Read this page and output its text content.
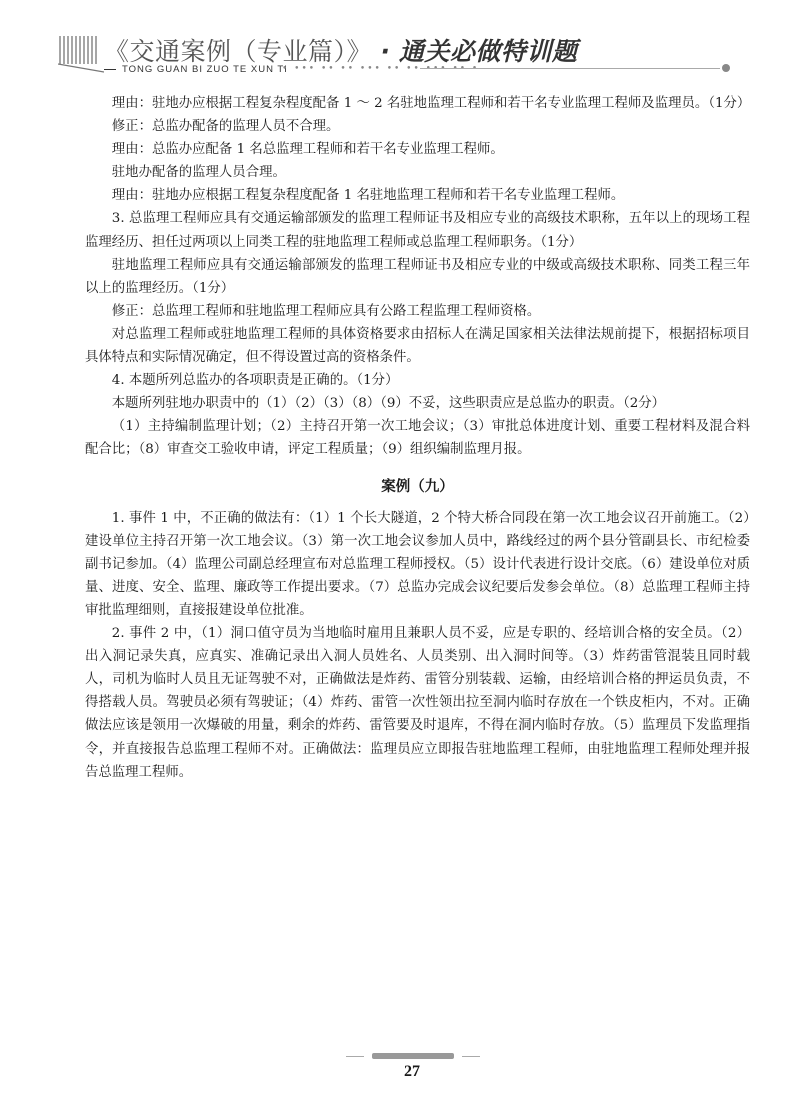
《交通案例（专业篇）》 · 通关必做特训题
TONG GUAN BI ZUO TE XUN TI
• ••• •• •• ••• •• •• ••• •• •

理由：驻地办应根据工程复杂程度配备 1 ～ 2 名驻地监理工程师和若干名专业监理工程师及监理员。（1分）

修正：总监办配备的监理人员不合理。

理由：总监办应配备 1 名总监理工程师和若干名专业监理工程师。

驻地办配备的监理人员合理。

理由：驻地办应根据工程复杂程度配备 1 名驻地监理工程师和若干名专业监理工程师。

3. 总监理工程师应具有交通运输部颁发的监理工程师证书及相应专业的高级技术职称，五年以上的现场工程监理经历、担任过两项以上同类工程的驻地监理工程师或总监理工程师职务。（1分）

驻地监理工程师应具有交通运输部颁发的监理工程师证书及相应专业的中级或高级技术职称、同类工程三年以上的监理经历。（1分）

修正：总监理工程师和驻地监理工程师应具有公路工程监理工程师资格。

对总监理工程师或驻地监理工程师的具体资格要求由招标人在满足国家相关法律法规前提下，根据招标项目具体特点和实际情况确定，但不得设置过高的资格条件。

4. 本题所列总监办的各项职责是正确的。（1分）

本题所列驻地办职责中的（1）（2）（3）（8）（9）不妥，这些职责应是总监办的职责。（2分）

（1）主持编制监理计划；（2）主持召开第一次工地会议；（3）审批总体进度计划、重要工程材料及混合料配合比；（8）审查交工验收申请，评定工程质量；（9）组织编制监理月报。

案例（九）

1. 事件 1 中，不正确的做法有：（1）1 个长大隧道，2 个特大桥合同段在第一次工地会议召开前施工。（2）建设单位主持召开第一次工地会议。（3）第一次工地会议参加人员中，路线经过的两个县分管副县长、市纪检委副书记参加。（4）监理公司副总经理宣布对总监理工程师授权。（5）设计代表进行设计交底。（6）建设单位对质量、进度、安全、监理、廉政等工作提出要求。（7）总监办完成会议纪要后发参会单位。（8）总监理工程师主持审批监理细则，直接报建设单位批准。

2. 事件 2 中，（1）洞口值守员为当地临时雇用且兼职人员不妥，应是专职的、经培训合格的安全员。（2）出入洞记录失真，应真实、准确记录出入洞人员姓名、人员类别、出入洞时间等。（3）炸药雷管混装且同时载人，司机为临时人员且无证驾驶不对，正确做法是炸药、雷管分别装载、运输，由经培训合格的押运员负责，不得搭载人员。驾驶员必须有驾驶证；（4）炸药、雷管一次性领出拉至洞内临时存放在一个铁皮柜内，不对。正确做法应该是领用一次爆破的用量，剩余的炸药、雷管要及时退库，不得在洞内临时存放。（5）监理员下发监理指令，并直接报告总监理工程师不对。正确做法：监理员应立即报告驻地监理工程师，由驻地监理工程师处理并报告总监理工程师。

27
